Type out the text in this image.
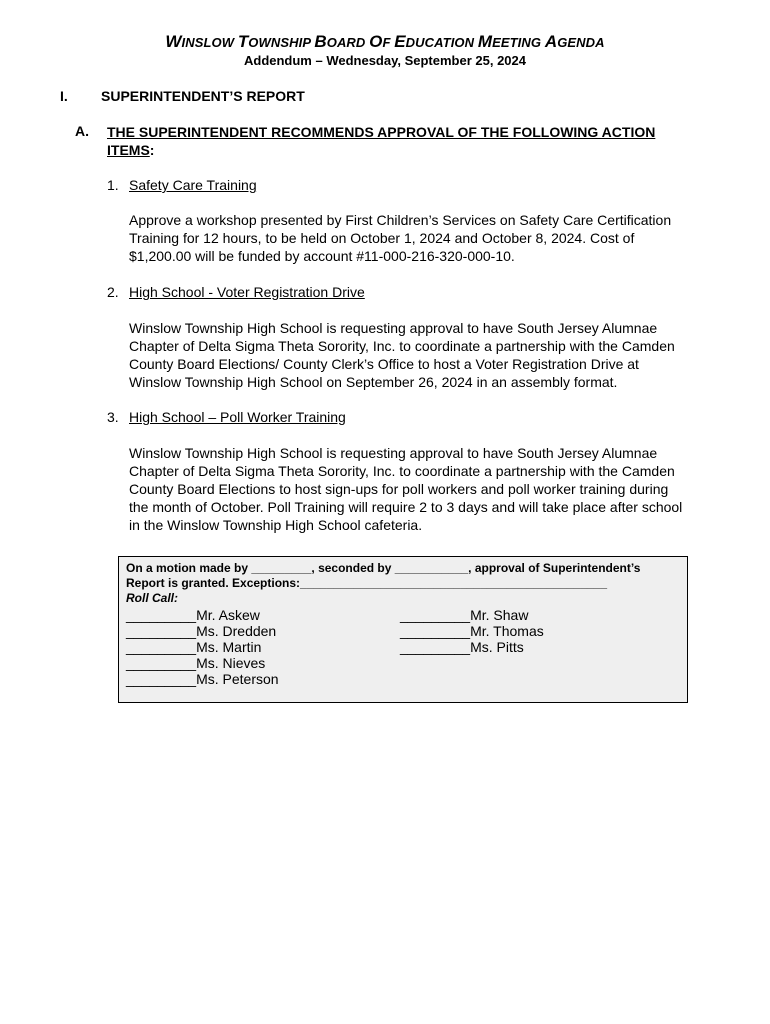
WINSLOW TOWNSHIP BOARD OF EDUCATION MEETING AGENDA
Addendum – Wednesday, September 25, 2024
I. SUPERINTENDENT’S REPORT
A. THE SUPERINTENDENT RECOMMENDS APPROVAL OF THE FOLLOWING ACTION
ITEMS:
1. Safety Care Training
Approve a workshop presented by First Children’s Services on Safety Care Certification
Training for 12 hours, to be held on October 1, 2024 and October 8, 2024. Cost of
$1,200.00 will be funded by account #11-000-216-320-000-10.
2. High School - Voter Registration Drive
Winslow Township High School is requesting approval to have South Jersey Alumnae
Chapter of Delta Sigma Theta Sorority, Inc. to coordinate a partnership with the Camden
County Board Elections/ County Clerk’s Office to host a Voter Registration Drive at
Winslow Township High School on September 26, 2024 in an assembly format.
3. High School – Poll Worker Training
Winslow Township High School is requesting approval to have South Jersey Alumnae
Chapter of Delta Sigma Theta Sorority, Inc. to coordinate a partnership with the Camden
County Board Elections to host sign-ups for poll workers and poll worker training during
the month of October. Poll Training will require 2 to 3 days and will take place after school
in the Winslow Township High School cafeteria.
On a motion made by _________, seconded by ___________, approval of Superintendent’s
Report is granted. Exceptions:______________________________________________
Roll Call:
_________Mr. Askew
_________Ms. Dredden
_________Ms. Martin
_________Ms. Nieves
_________Ms. Peterson
_________Mr. Shaw
_________Mr. Thomas
_________Ms. Pitts
